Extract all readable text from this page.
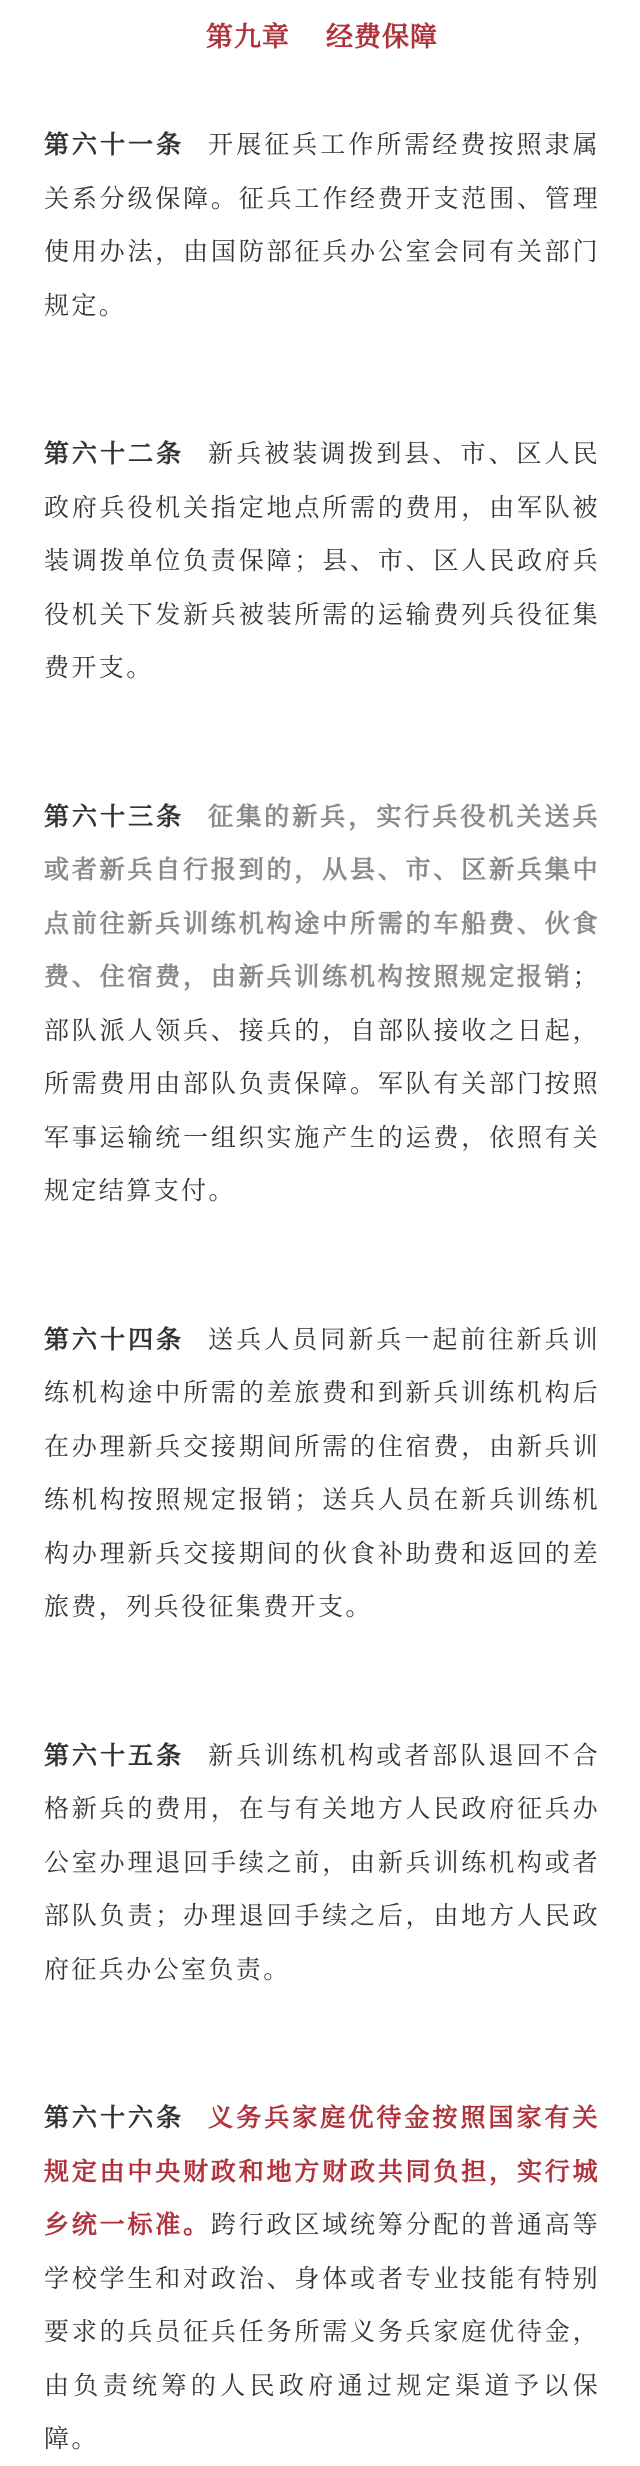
第九章 经费保障

第六十一条 开展征兵工作所需经费按照隶属关系分级保障。征兵工作经费开支范围、管理使用办法，由国防部征兵办公室会同有关部门规定。

第六十二条 新兵被装调拨到县、市、区人民政府兵役机关指定地点所需的费用，由军队被装调拨单位负责保障；县、市、区人民政府兵役机关下发新兵被装所需的运输费列兵役征集费开支。

第六十三条 征集的新兵，实行兵役机关送兵或者新兵自行报到的，从县、市、区新兵集中点前往新兵训练机构途中所需的车船费、伙食费、住宿费，由新兵训练机构按照规定报销；部队派人领兵、接兵的，自部队接收之日起，所需费用由部队负责保障。军队有关部门按照军事运输统一组织实施产生的运费，依照有关规定结算支付。

第六十四条 送兵人员同新兵一起前往新兵训练机构途中所需的差旅费和到新兵训练机构后在办理新兵交接期间所需的住宿费，由新兵训练机构按照规定报销；送兵人员在新兵训练机构办理新兵交接期间的伙食补助费和返回的差旅费，列兵役征集费开支。

第六十五条 新兵训练机构或者部队退回不合格新兵的费用，在与有关地方人民政府征兵办公室办理退回手续之前，由新兵训练机构或者部队负责；办理退回手续之后，由地方人民政府征兵办公室负责。

第六十六条 义务兵家庭优待金按照国家有关规定由中央财政和地方财政共同负担，实行城乡统一标准。跨行政区域统筹分配的普通高等学校学生和对政治、身体或者专业技能有特别要求的兵员征兵任务所需义务兵家庭优待金，由负责统筹的人民政府通过规定渠道予以保障。
